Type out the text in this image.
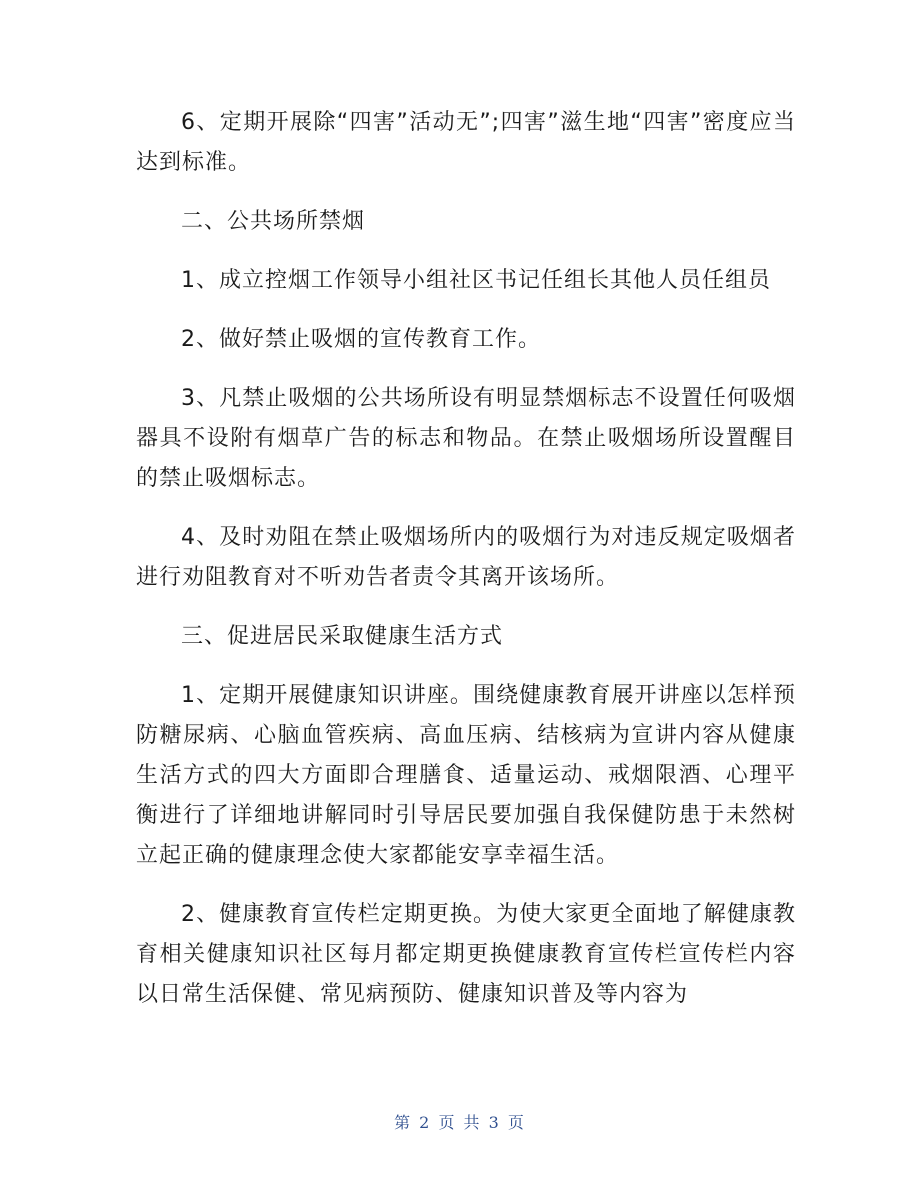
6、定期开展除“四害”活动无”;四害”滋生地“四害”密度应当达到标准。

二、公共场所禁烟

1、成立控烟工作领导小组社区书记任组长其他人员任组员

2、做好禁止吸烟的宣传教育工作。

3、凡禁止吸烟的公共场所设有明显禁烟标志不设置任何吸烟器具不设附有烟草广告的标志和物品。在禁止吸烟场所设置醒目的禁止吸烟标志。

4、及时劝阻在禁止吸烟场所内的吸烟行为对违反规定吸烟者进行劝阻教育对不听劝告者责令其离开该场所。

三、促进居民采取健康生活方式

1、定期开展健康知识讲座。围绕健康教育展开讲座以怎样预防糖尿病、心脑血管疾病、高血压病、结核病为宣讲内容从健康生活方式的四大方面即合理膳食、适量运动、戒烟限酒、心理平衡进行了详细地讲解同时引导居民要加强自我保健防患于未然树立起正确的健康理念使大家都能安享幸福生活。

2、健康教育宣传栏定期更换。为使大家更全面地了解健康教育相关健康知识社区每月都定期更换健康教育宣传栏宣传栏内容以日常生活保健、常见病预防、健康知识普及等内容为

第 2 页 共 3 页
